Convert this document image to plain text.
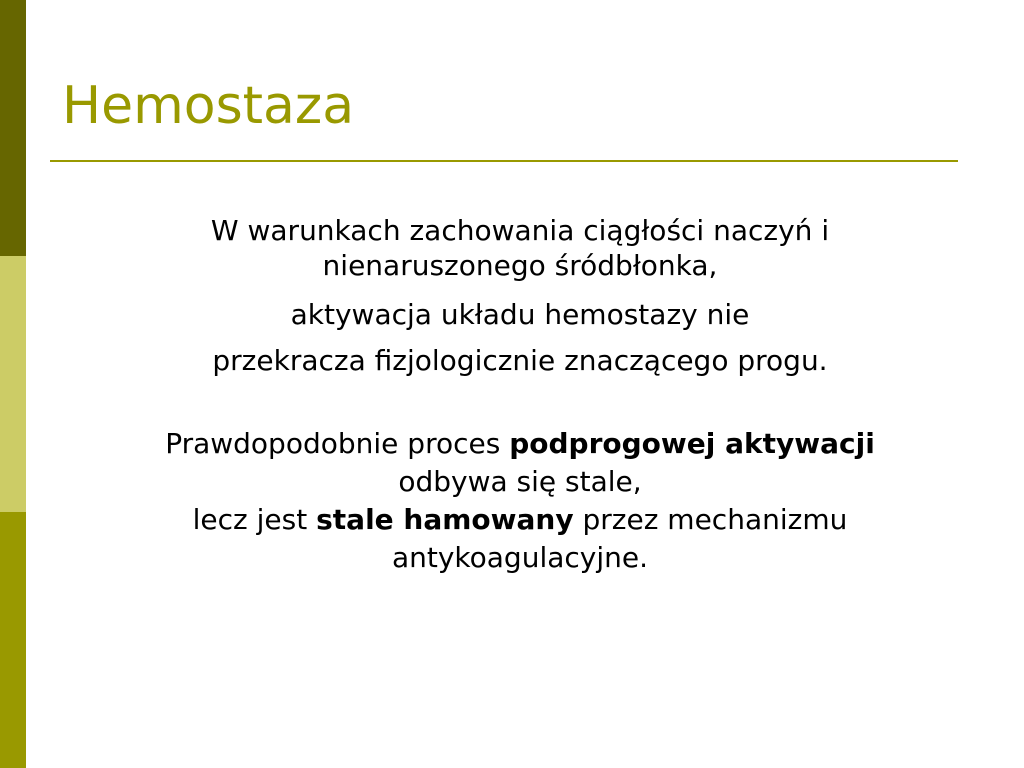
Hemostaza

W warunkach zachowania ciągłości naczyń i

nienaruszonego śródbłonka,

aktywacja układu hemostazy nie

przekracza fizjologicznie znaczącego progu.

Prawdopodobnie proces podprogowej aktywacji

odbywa się stale,

lecz jest stale hamowany przez mechanizmu

antykoagulacyjne.
